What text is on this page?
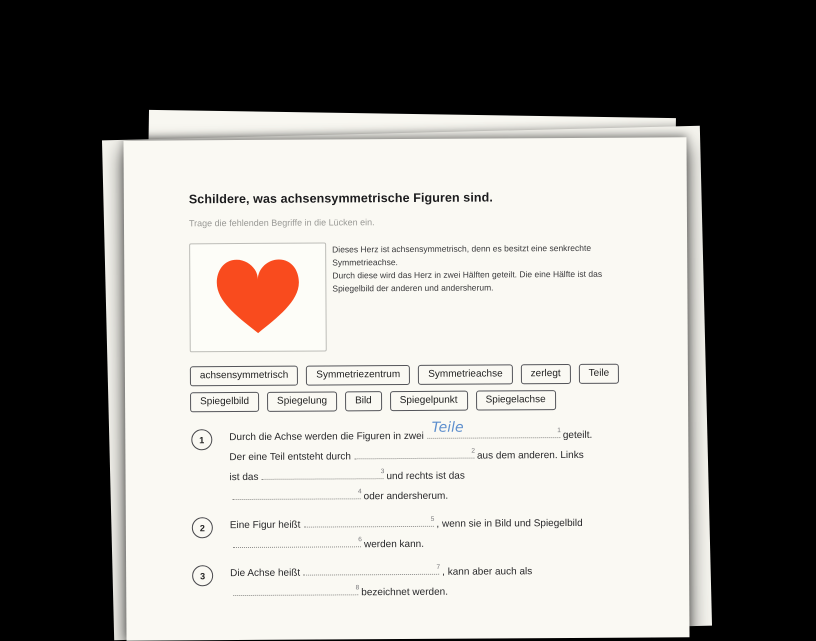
Schildere, was achsensymmetrische Figuren sind.
Trage die fehlenden Begriffe in die Lücken ein.
Dieses Herz ist achsensymmetrisch, denn es besitzt eine senkrechte
Symmetrieachse.
Durch diese wird das Herz in zwei Hälften geteilt. Die eine Hälfte ist das
Spiegelbild der anderen und andersherum.
achsensymmetrisch	Symmetriezentrum	Symmetrieachse	zerlegt	Teile
Spiegelbild	Spiegelung	Bild	Spiegelpunkt	Spiegelachse
1	Durch die Achse werden die Figuren in zwei
1
Teile	geteilt.
Der eine Teil entsteht durch
2 aus dem anderen. Links
ist das
3 und rechts ist das
4 oder andersherum.
2	Eine Figur heißt
5 , wenn sie in Bild und Spiegelbild
6 werden kann.
3	Die Achse heißt
7 , kann aber auch als
8 bezeichnet werden.
